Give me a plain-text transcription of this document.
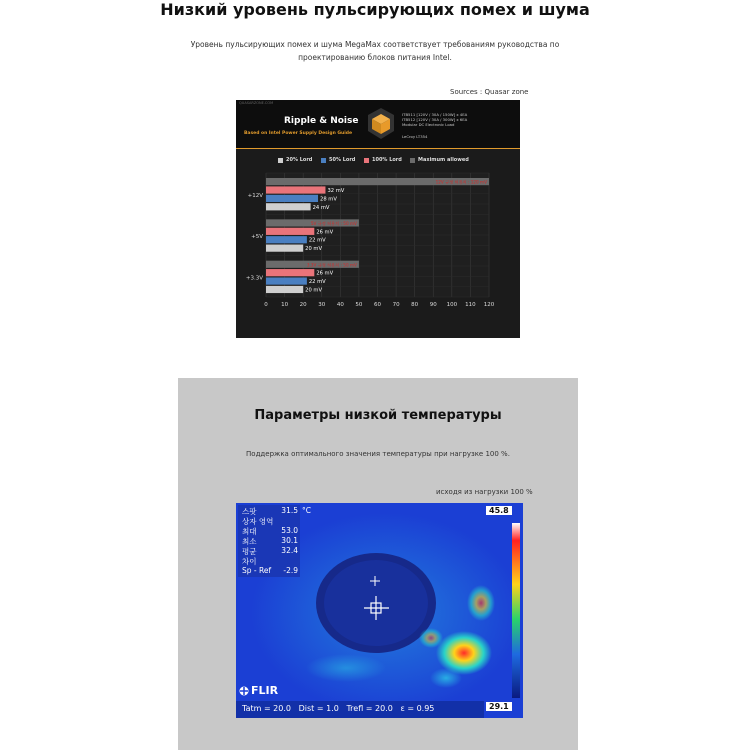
Низкий уровень пульсирующих помех и шума
Уровень пульсирующих помех и шума MegaMax соответствует требованиям руководства по
проектированию блоков питания Intel.
Sources : Quasar zone
QUASARZONE.COM
Ripple & Noise
Based on Intel Power Supply Design Guide
ITB511 [120V / 30A / 150W] x 4EA
ITB512 [120V / 30A / 300W] x 6EA
Modular DC Electronic Load
LeCroy LT354
20% Lord	50% Lord	100% Lord	Maximum allowed
0 10 20 30 40 50 60 70 80 90 100 110 120
+12V
12V 규정 허용치 : 120 mV
32 mV
28 mV
24 mV
+5V
5V 규정 허용치 : 50 mV
26 mV
22 mV
20 mV
+3.3V
3.3V 규정 허용치 : 50 mV
26 mV
22 mV
20 mV
Параметры низкой температуры
Поддержка оптимального значения температуры при нагрузке 100 %.
исходя из нагрузки 100 %
스팟	31.5
상자 영역
최대	53.0
최소	30.1
평균	32.4
차이
Sp - Ref -2.9
°C	45.8
29.1
FLIR
Tatm = 20.0   Dist = 1.0   Trefl = 20.0   ε = 0.95
